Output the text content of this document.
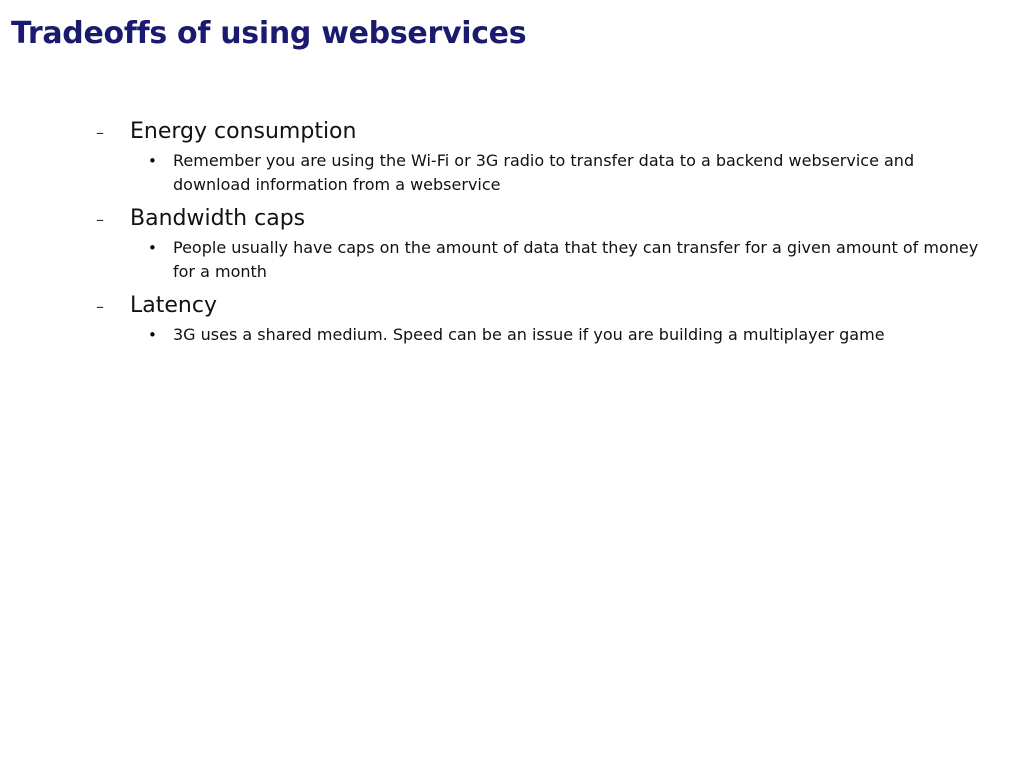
Tradeoffs of using webservices
–	Energy consumption
•	Remember you are using the Wi-Fi or 3G radio to transfer data to a backend webservice and download information from a webservice
–	Bandwidth caps
•	People usually have caps on the amount of data that they can transfer for a given amount of money for a month
–	Latency
•	3G uses a shared medium. Speed can be an issue if you are building a multiplayer game
